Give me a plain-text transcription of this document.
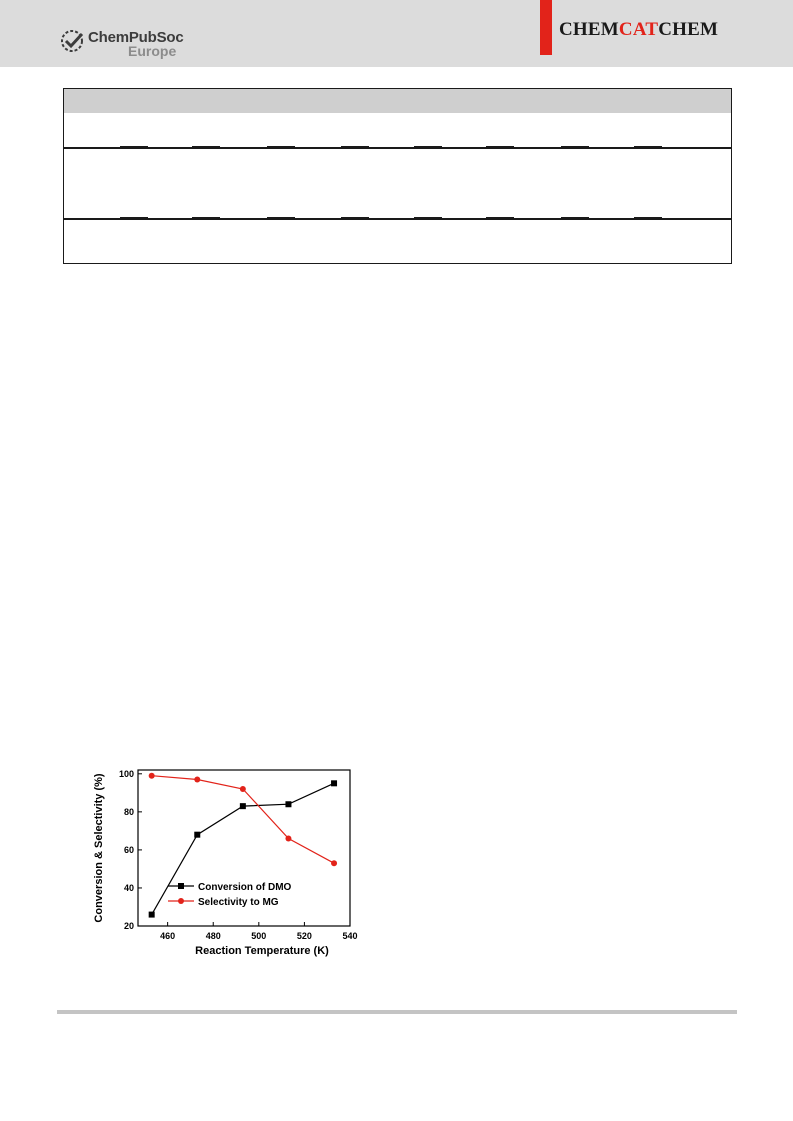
ChemPubSoc
Europe
CHEMCATCHEM
460	480	500	520	540
20
40
60
80
100
Reaction Temperature (K)
Conversion & Selectivity (%)	Conversion of DMO
Selectivity to MG
